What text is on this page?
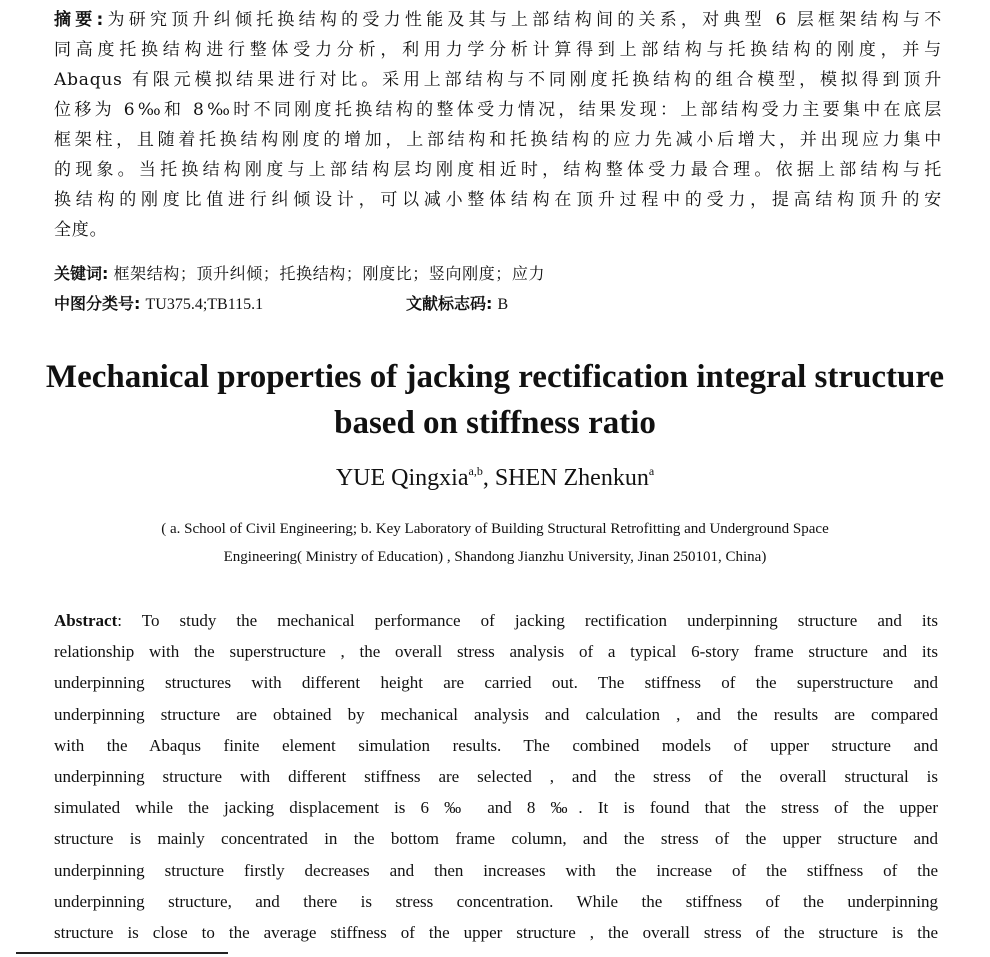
摘要:为研究顶升纠倾托换结构的受力性能及其与上部结构间的关系，对典型 6 层框架结构与不
同高度托换结构进行整体受力分析，利用力学分析计算得到上部结构与托换结构的刚度，并与
Abaqus 有限元模拟结果进行对比。采用上部结构与不同刚度托换结构的组合模型，模拟得到顶升
位移为 6‰和 8‰时不同刚度托换结构的整体受力情况，结果发现：上部结构受力主要集中在底层
框架柱，且随着托换结构刚度的增加，上部结构和托换结构的应力先减小后增大，并出现应力集中
的现象。当托换结构刚度与上部结构层均刚度相近时，结构整体受力最合理。依据上部结构与托
换结构的刚度比值进行纠倾设计，可以减小整体结构在顶升过程中的受力，提高结构顶升的安
全度。
关键词: 框架结构；顶升纠倾；托换结构；刚度比；竖向刚度；应力
中图分类号: TU375.4;TB115.1	文献标志码: B
Mechanical properties of jacking rectification integral structure
based on stiffness ratio
YUE Qingxia$^{a,b}$, SHEN Zhenkun$^a$
( a. School of Civil Engineering; b. Key Laboratory of Building Structural Retrofitting and Underground Space
Engineering( Ministry of Education) , Shandong Jianzhu University, Jinan 250101, China)
Abstract: To study the mechanical performance of jacking rectification underpinning structure and its
relationship with the superstructure , the overall stress analysis of a typical 6-story frame structure and its
underpinning structures with different height are carried out. The stiffness of the superstructure and
underpinning structure are obtained by mechanical analysis and calculation , and the results are compared
with the Abaqus finite element simulation results. The combined models of upper structure and
underpinning structure with different stiffness are selected , and the stress of the overall structural is
simulated while the jacking displacement is 6 ‰ and 8 ‰. It is found that the stress of the upper
structure is mainly concentrated in the bottom frame column, and the stress of the upper structure and
underpinning structure firstly decreases and then increases with the increase of the stiffness of the
underpinning structure, and there is stress concentration. While the stiffness of the underpinning
structure is close to the average stiffness of the upper structure , the overall stress of the structure is the
